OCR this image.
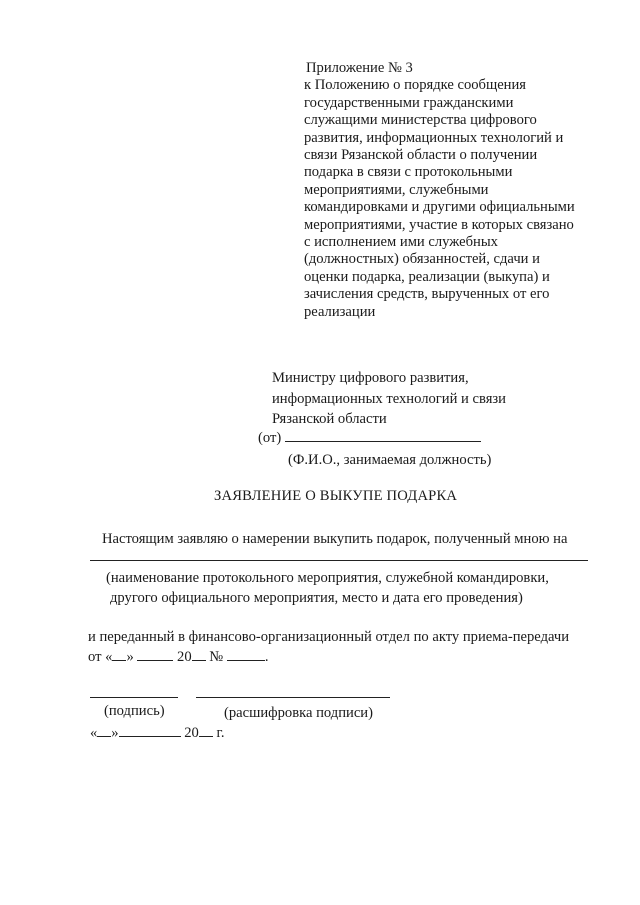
Приложение № 3
к Положению о порядке сообщения
государственными гражданскими
служащими министерства цифрового
развития, информационных технологий и
связи Рязанской области о получении
подарка в связи с протокольными
мероприятиями, служебными
командировками и другими официальными
мероприятиями, участие в которых связано
с исполнением ими служебных
(должностных) обязанностей, сдачи и
оценки подарка, реализации (выкупа) и
зачисления средств, вырученных от его
реализации
Министру цифрового развития,
информационных технологий и связи
Рязанской области
(от)
(Ф.И.О., занимаемая должность)
ЗАЯВЛЕНИЕ О ВЫКУПЕ ПОДАРКА
Настоящим заявляю о намерении выкупить подарок, полученный мною на
(наименование протокольного мероприятия, служебной командировки,
другого официального мероприятия, место и дата его проведения)
и переданный в финансово-организационный отдел по акту приема-передачи
от « »	20 №	.
(подпись)	(расшифровка подписи)
« »	20 г.
